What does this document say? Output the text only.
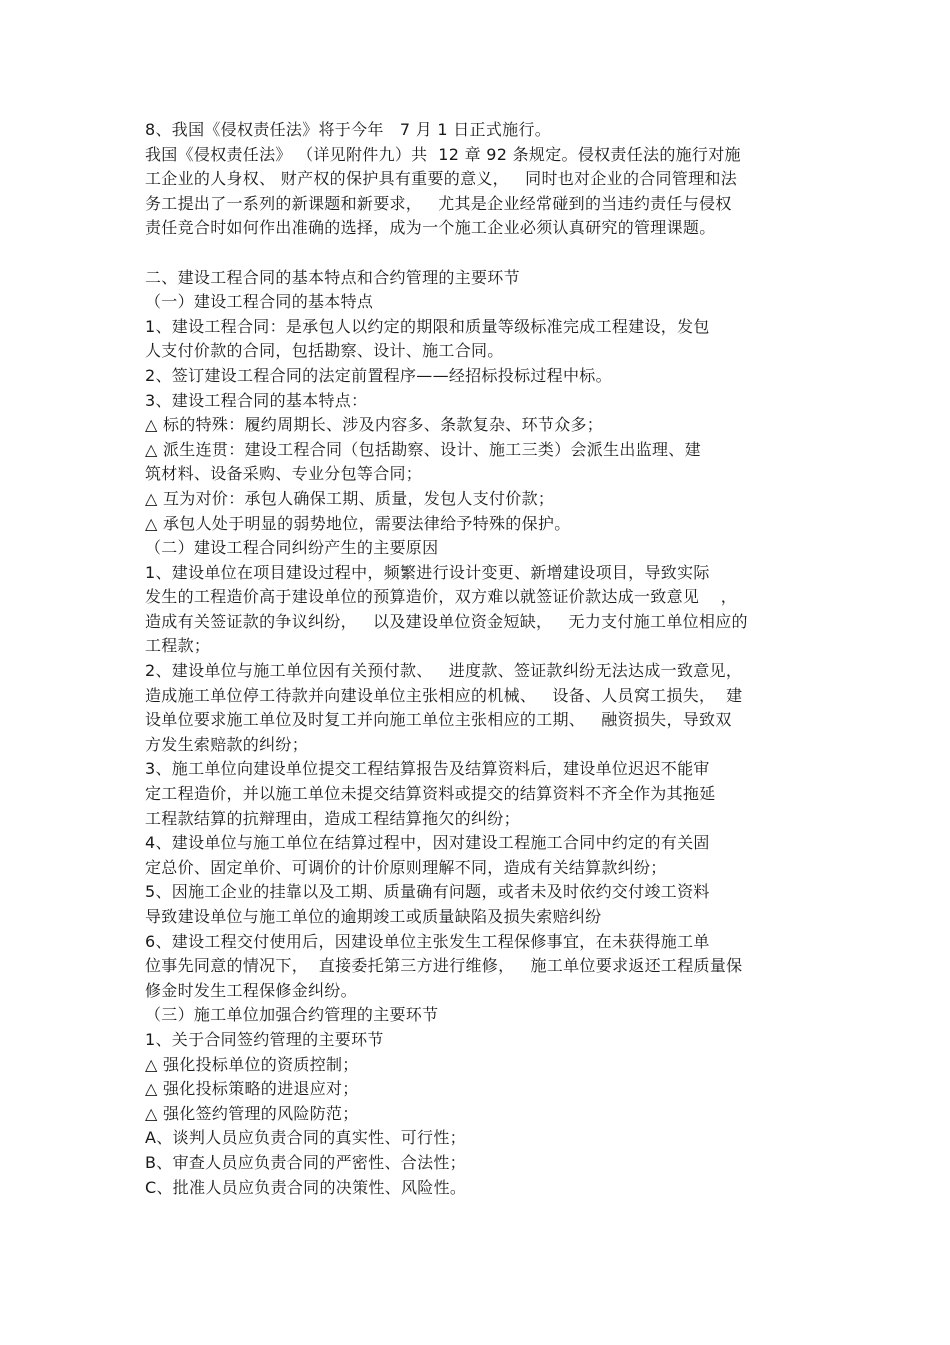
8、我国《侵权责任法》将于今年   7 月 1 日正式施行。
我国《侵权责任法》 （详见附件九）共  12 章 92 条规定。侵权责任法的施行对施
工企业的人身权、 财产权的保护具有重要的意义，   同时也对企业的合同管理和法
务工提出了一系列的新课题和新要求，   尤其是企业经常碰到的当违约责任与侵权
责任竞合时如何作出准确的选择，成为一个施工企业必须认真研究的管理课题。
二、建设工程合同的基本特点和合约管理的主要环节
（一）建设工程合同的基本特点
1、建设工程合同：是承包人以约定的期限和质量等级标准完成工程建设，发包
人支付价款的合同，包括勘察、设计、施工合同。
2、签订建设工程合同的法定前置程序——经招标投标过程中标。
3、建设工程合同的基本特点：
△ 标的特殊：履约周期长、涉及内容多、条款复杂、环节众多；
△ 派生连贯：建设工程合同（包括勘察、设计、施工三类）会派生出监理、建
筑材料、设备采购、专业分包等合同；
△ 互为对价：承包人确保工期、质量，发包人支付价款；
△ 承包人处于明显的弱势地位，需要法律给予特殊的保护。
（二）建设工程合同纠纷产生的主要原因
1、建设单位在项目建设过程中，频繁进行设计变更、新增建设项目，导致实际
发生的工程造价高于建设单位的预算造价，双方难以就签证价款达成一致意见    ，
造成有关签证款的争议纠纷，   以及建设单位资金短缺，   无力支付施工单位相应的
工程款；
2、建设单位与施工单位因有关预付款、   进度款、签证款纠纷无法达成一致意见，
造成施工单位停工待款并向建设单位主张相应的机械、   设备、人员窝工损失，  建
设单位要求施工单位及时复工并向施工单位主张相应的工期、   融资损失，导致双
方发生索赔款的纠纷；
3、施工单位向建设单位提交工程结算报告及结算资料后，建设单位迟迟不能审
定工程造价，并以施工单位未提交结算资料或提交的结算资料不齐全作为其拖延
工程款结算的抗辩理由，造成工程结算拖欠的纠纷；
4、建设单位与施工单位在结算过程中，因对建设工程施工合同中约定的有关固
定总价、固定单价、可调价的计价原则理解不同，造成有关结算款纠纷；
5、因施工企业的挂靠以及工期、质量确有问题，或者未及时依约交付竣工资料
导致建设单位与施工单位的逾期竣工或质量缺陷及损失索赔纠纷
6、建设工程交付使用后，因建设单位主张发生工程保修事宜，在未获得施工单
位事先同意的情况下，  直接委托第三方进行维修，   施工单位要求返还工程质量保
修金时发生工程保修金纠纷。
（三）施工单位加强合约管理的主要环节
1、关于合同签约管理的主要环节
△ 强化投标单位的资质控制；
△ 强化投标策略的进退应对；
△ 强化签约管理的风险防范；
A、谈判人员应负责合同的真实性、可行性；
B、审查人员应负责合同的严密性、合法性；
C、批准人员应负责合同的决策性、风险性。
